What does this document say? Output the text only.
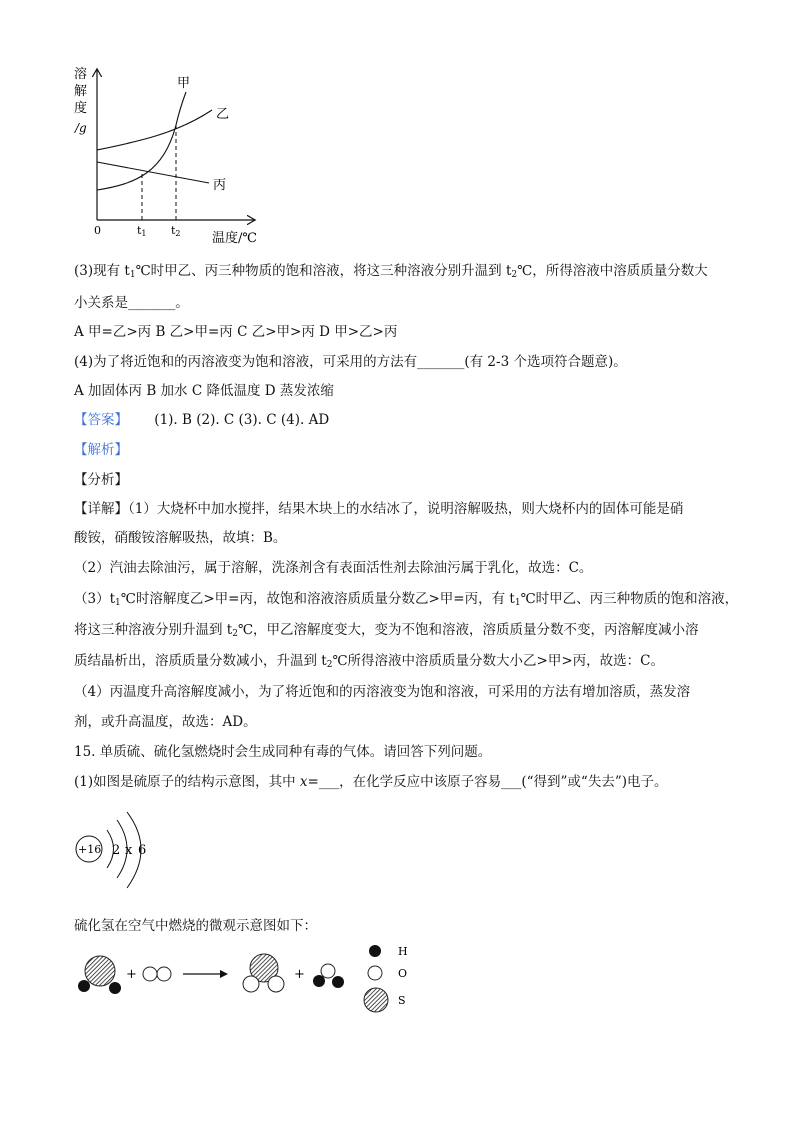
溶
解
度
/g
0	t1 t2 温度/℃
甲
乙
丙
(3)现有 $t_1℃$时甲乙、丙三种物质的饱和溶液，将这三种溶液分别升温到 $t_2℃$，所得溶液中溶质质量分数大
小关系是_______。
A 甲=乙>丙 B 乙>甲=丙 C 乙>甲>丙 D 甲>乙>丙
(4)为了将近饱和的丙溶液变为饱和溶液，可采用的方法有_______(有 2-3 个选项符合题意)。
A 加固体丙 B 加水 C 降低温度 D 蒸发浓缩
【答案】 (1). B (2). C (3). C (4). AD
【解析】
【分析】
【详解】（1）大烧杯中加水搅拌，结果木块上的水结冰了，说明溶解吸热，则大烧杯内的固体可能是硝
酸铵，硝酸铵溶解吸热，故填：B。
（2）汽油去除油污，属于溶解，洗涤剂含有表面活性剂去除油污属于乳化，故选：C。
$(3)t_1℃$时溶解度乙>甲=丙，故饱和溶液溶质质量分数乙>甲=丙，有 $t_1℃$时甲乙、丙三种物质的饱和溶液，
将这三种溶液分别升温到 $t_2℃$，甲乙溶解度变大，变为不饱和溶液，溶质质量分数不变，丙溶解度减小溶
质结晶析出，溶质质量分数减小，升温到 $t_2℃$所得溶液中溶质质量分数大小乙>甲>丙，故选：C。
（4）丙温度升高溶解度减小，为了将近饱和的丙溶液变为饱和溶液，可采用的方法有增加溶质，蒸发溶
剂，或升高温度，故选：AD。
15. 单质硫、硫化氢燃烧时会生成同种有毒的气体。请回答下列问题。
(1)如图是硫原子的结构示意图，其中 x=___，在化学反应中该原子容易___(“得到”或“失去”)电子。
+16 2 x 6
硫化氢在空气中燃烧的微观示意图如下：
+	+
H
O
S
